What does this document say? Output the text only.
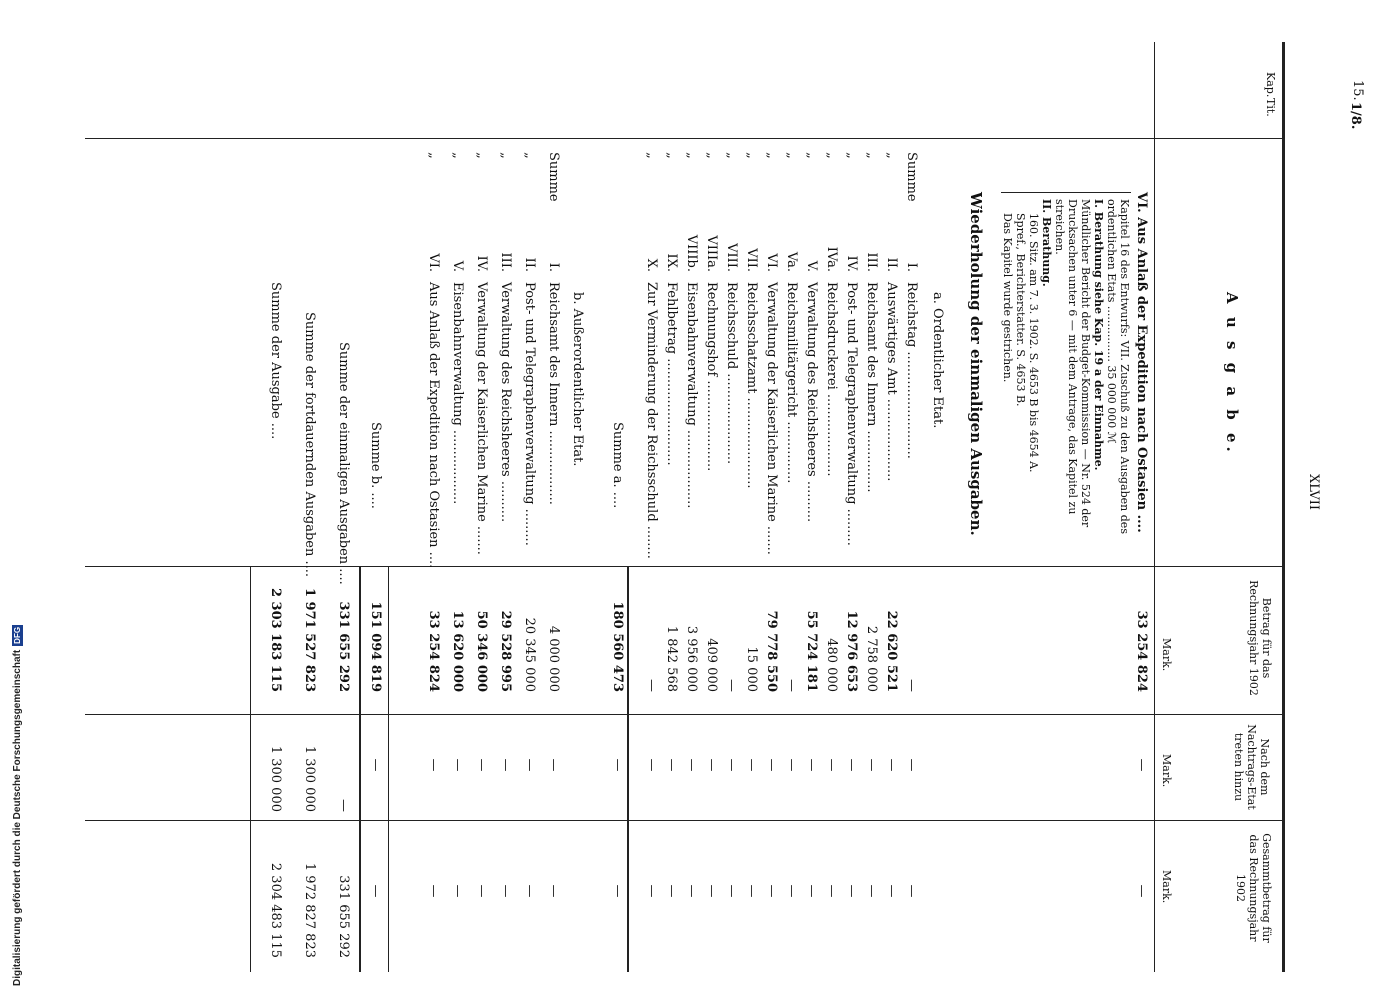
Digitalisierung gefördert durch die Deutsche Forschungsgemeinschaft
DFG
Kap.
Tit.
A u s g a b e.
Betrag für das Rechnungsjahr 1902
Nach dem Nachtrags-Etat treten hinzu
Gesammtbetrag für das Rechnungsjahr 1902
Mark.
Mark.
Mark.
XLVII
15.
1/8.
VI. Aus Anlaß der Expedition nach Ostasien ....
33 254 824
—
—
Kapitel 16 des Entwurfs: VII. Zuschuß zu den Ausgaben des ordentlichen Etats ................ 35 000 000 ℳ
I. Berathung siehe Kap. 19 a der Einnahme.
Mündlicher Bericht der Budget-Kommission — Nr. 524 der Drucksachen unter 6 — mit dem Antrage, das Kapitel zu streichen.
II. Berathung.
160. Sitz. am 7. 3. 1902. S. 4653 B bis 4654 A.
Spref., Berichterstatter. S. 4653 B.
Das Kapitel wurde gestrichen.
Wiederholung der einmaligen Ausgaben.
a. Ordentlicher Etat.
Summe
I.
Reichstag ..........................
—
—
—
„
II.
Auswärtiges Amt ....................
22 620 521
—
—
„
III.
Reichsamt des Innern ...............
2 758 000
—
—
„
IV.
Post- und Telegraphenverwaltung .........
12 976 653
—
—
„
IVa.
Reichsdruckerei ....................
480 000
—
—
„
V.
Verwaltung des Reichsheeres ..........
55 724 181
—
—
„
Va.
Reichsmilitärgericht ...............
—
—
—
„
VI.
Verwaltung der Kaiserlichen Marine .......
79 778 550
—
—
„
VII.
Reichsschatzamt ......................
15 000
—
—
„
VIII.
Reichsschuld ......................
—
—
—
„
VIIIa.
Rechnungshof ......................
409 000
—
—
„
VIIIb.
Eisenbahnverwaltung ...................
3 956 000
—
—
„
IX.
Fehlbetrag ..........................
1 842 568
—
—
„
X.
Zur Verminderung der Reichsschuld ........
—
—
—
Summe a. ....
180 560 473
—
—
b. Außerordentlicher Etat.
Summe
I.
Reichsamt des Innern ..................
4 000 000
—
—
„
II.
Post- und Telegraphenverwaltung .........
20 345 000
—
—
„
III.
Verwaltung des Reichsheeres ..........
29 528 995
—
—
„
IV.
Verwaltung der Kaiserlichen Marine .......
50 346 000
—
—
„
V.
Eisenbahnverwaltung ..................
13 620 000
—
—
„
VI.
Aus Anlaß der Expedition nach Ostasien ....
33 254 824
—
—
Summe b. ....
151 094 819
—
—
Summe der einmaligen Ausgaben ....
331 655 292
—
331 655 292
Summe der fortdauernden Ausgaben ....
1 971 527 823
1 300 000
1 972 827 823
Summe der Ausgabe ....
2 303 183 115
1 300 000
2 304 483 115
